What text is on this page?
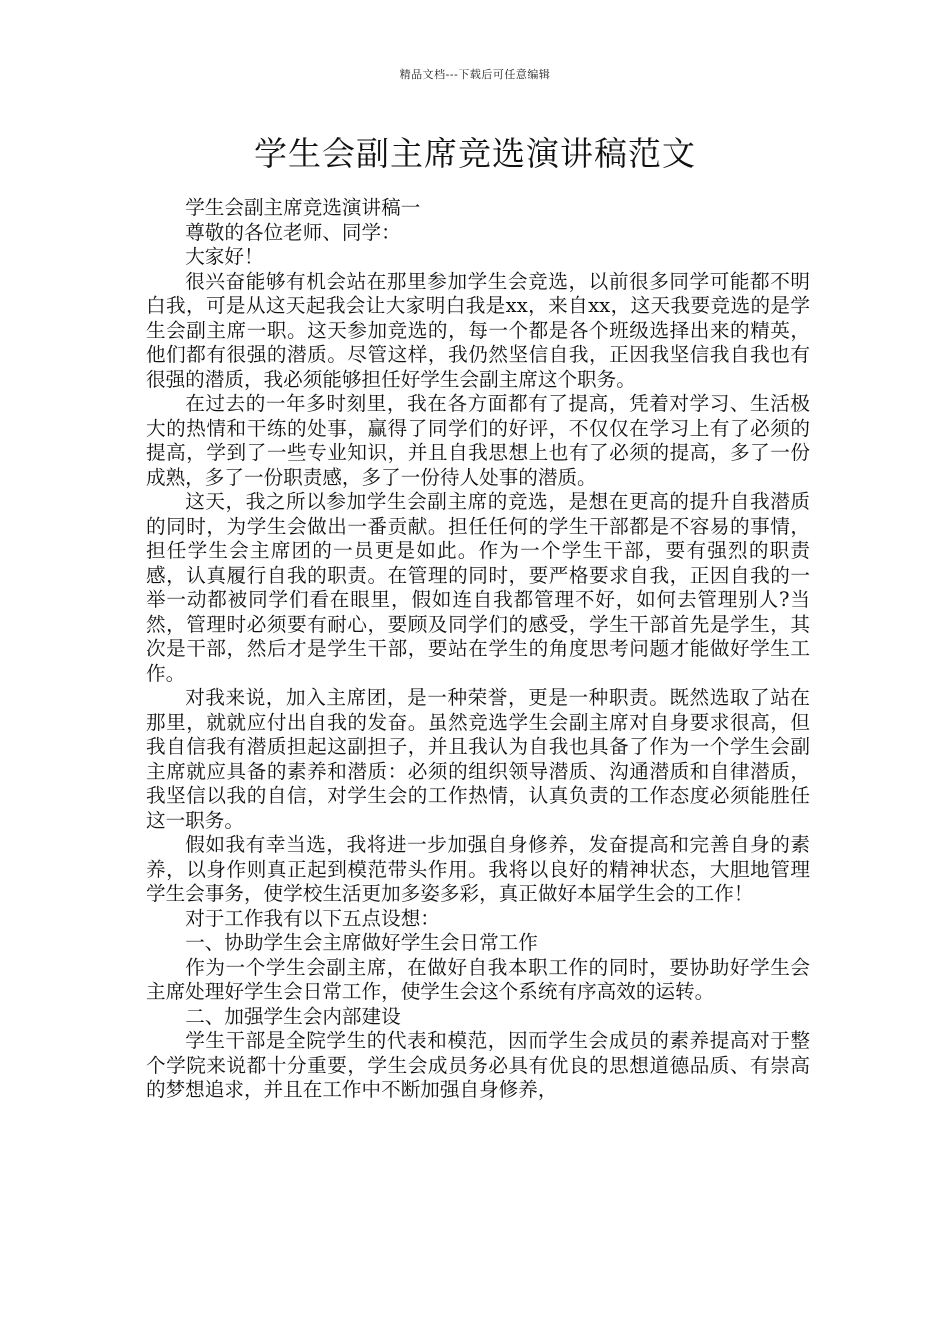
精品文档---下载后可任意编辑
学生会副主席竞选演讲稿范文

学生会副主席竞选演讲稿一

尊敬的各位老师、同学：

大家好！

很兴奋能够有机会站在那里参加学生会竞选，以前很多同学可能都不明白我，可是从这天起我会让大家明白我是xx，来自xx，这天我要竞选的是学生会副主席一职。这天参加竞选的，每一个都是各个班级选择出来的精英，他们都有很强的潜质。尽管这样，我仍然坚信自我，正因我坚信我自我也有很强的潜质，我必须能够担任好学生会副主席这个职务。

在过去的一年多时刻里，我在各方面都有了提高，凭着对学习、生活极大的热情和干练的处事，赢得了同学们的好评，不仅仅在学习上有了必须的提高，学到了一些专业知识，并且自我思想上也有了必须的提高，多了一份成熟，多了一份职责感，多了一份待人处事的潜质。

这天，我之所以参加学生会副主席的竞选，是想在更高的提升自我潜质的同时，为学生会做出一番贡献。担任任何的学生干部都是不容易的事情，担任学生会主席团的一员更是如此。作为一个学生干部，要有强烈的职责感，认真履行自我的职责。在管理的同时，要严格要求自我，正因自我的一举一动都被同学们看在眼里，假如连自我都管理不好，如何去管理别人?当然，管理时必须要有耐心，要顾及同学们的感受，学生干部首先是学生，其次是干部，然后才是学生干部，要站在学生的角度思考问题才能做好学生工作。

对我来说，加入主席团，是一种荣誉，更是一种职责。既然选取了站在那里，就就应付出自我的发奋。虽然竞选学生会副主席对自身要求很高，但我自信我有潜质担起这副担子，并且我认为自我也具备了作为一个学生会副主席就应具备的素养和潜质：必须的组织领导潜质、沟通潜质和自律潜质，我坚信以我的自信，对学生会的工作热情，认真负责的工作态度必须能胜任这一职务。

假如我有幸当选，我将进一步加强自身修养，发奋提高和完善自身的素养，以身作则真正起到模范带头作用。我将以良好的精神状态，大胆地管理学生会事务，使学校生活更加多姿多彩，真正做好本届学生会的工作！

对于工作我有以下五点设想：

一、协助学生会主席做好学生会日常工作

作为一个学生会副主席，在做好自我本职工作的同时，要协助好学生会主席处理好学生会日常工作，使学生会这个系统有序高效的运转。

二、加强学生会内部建设

学生干部是全院学生的代表和模范，因而学生会成员的素养提高对于整个学院来说都十分重要，学生会成员务必具有优良的思想道德品质、有崇高的梦想追求，并且在工作中不断加强自身修养，
